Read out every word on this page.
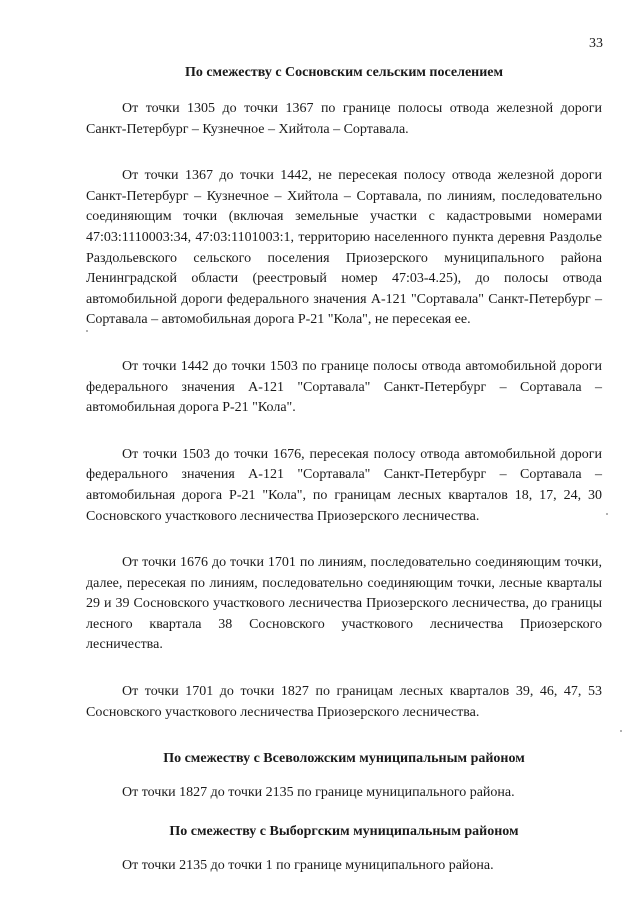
33

По смежеству с Сосновским сельским поселением

От точки 1305 до точки 1367 по границе полосы отвода железной дороги Санкт-Петербург – Кузнечное – Хийтола – Сортавала.

От точки 1367 до точки 1442, не пересекая полосу отвода железной дороги Санкт-Петербург – Кузнечное – Хийтола – Сортавала, по линиям, последовательно соединяющим точки (включая земельные участки с кадастровыми номерами 47:03:1110003:34, 47:03:1101003:1, территорию населенного пункта деревня Раздолье Раздольевского сельского поселения Приозерского муниципального района Ленинградской области (реестровый номер 47:03-4.25), до полосы отвода автомобильной дороги федерального значения А-121 "Сортавала" Санкт-Петербург – Сортавала – автомобильная дорога Р-21 "Кола", не пересекая ее.

От точки 1442 до точки 1503 по границе полосы отвода автомобильной дороги федерального значения А-121 "Сортавала" Санкт-Петербург – Сортавала – автомобильная дорога Р-21 "Кола".

От точки 1503 до точки 1676, пересекая полосу отвода автомобильной дороги федерального значения А-121 "Сортавала" Санкт-Петербург – Сортавала – автомобильная дорога Р-21 "Кола", по границам лесных кварталов 18, 17, 24, 30 Сосновского участкового лесничества Приозерского лесничества.

От точки 1676 до точки 1701 по линиям, последовательно соединяющим точки, далее, пересекая по линиям, последовательно соединяющим точки, лесные кварталы 29 и 39 Сосновского участкового лесничества Приозерского лесничества, до границы лесного квартала 38 Сосновского участкового лесничества Приозерского лесничества.

От точки 1701 до точки 1827 по границам лесных кварталов 39, 46, 47, 53 Сосновского участкового лесничества Приозерского лесничества.

По смежеству с Всеволожским муниципальным районом

От точки 1827 до точки 2135 по границе муниципального района.

По смежеству с Выборгским муниципальным районом

От точки 2135 до точки 1 по границе муниципального района.
